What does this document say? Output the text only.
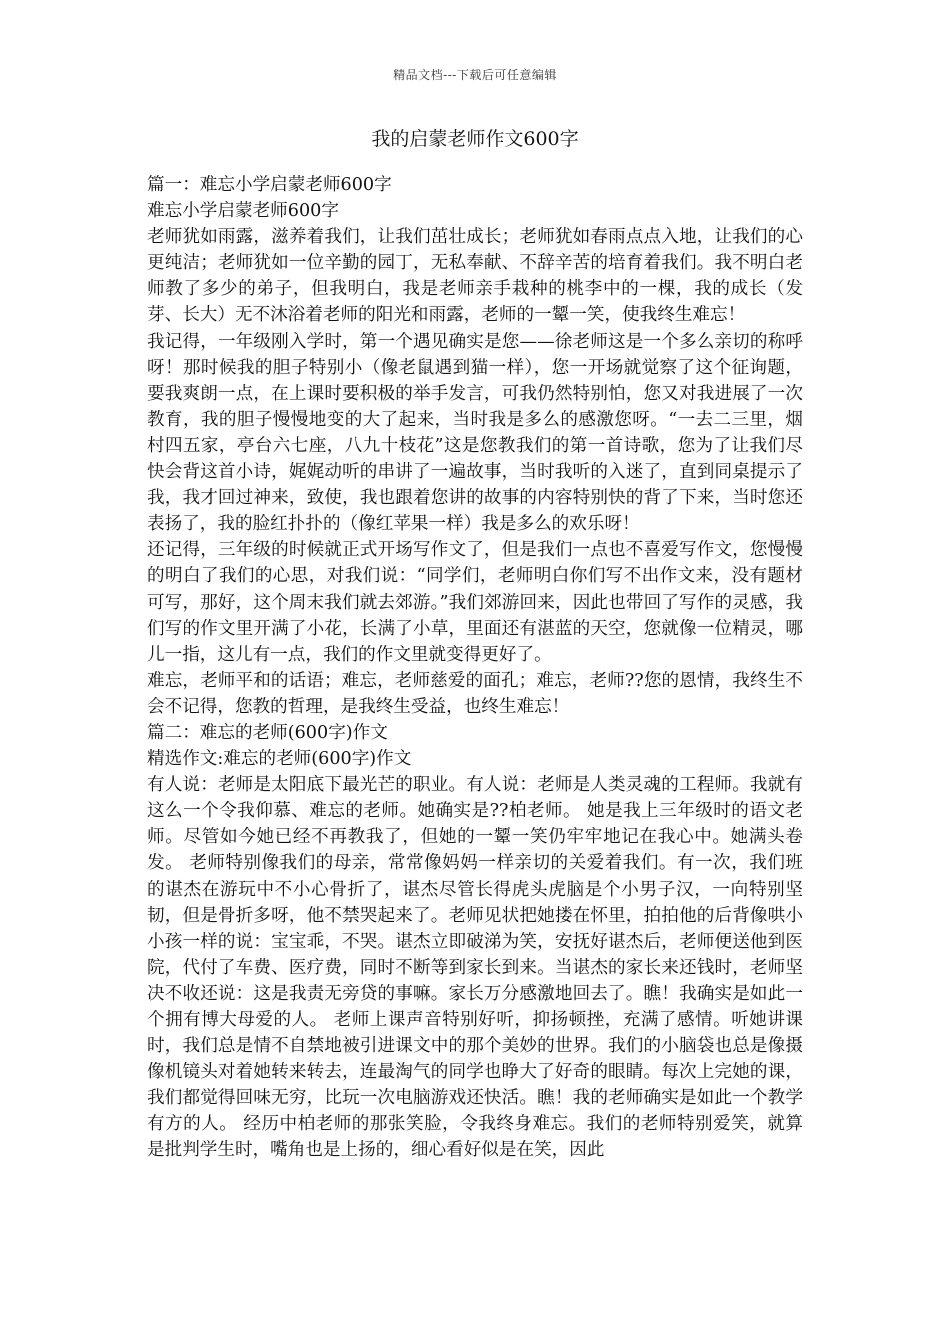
精品文档---下载后可任意编辑
我的启蒙老师作文600字

篇一：难忘小学启蒙老师600字

难忘小学启蒙老师600字

老师犹如雨露，滋养着我们，让我们茁壮成长；老师犹如春雨点点入地，让我们的心更纯洁；老师犹如一位辛勤的园丁，无私奉献、不辞辛苦的培育着我们。我不明白老师教了多少的弟子，但我明白，我是老师亲手栽种的桃李中的一棵，我的成长（发芽、长大）无不沐浴着老师的阳光和雨露，老师的一颦一笑，使我终生难忘！

我记得，一年级刚入学时，第一个遇见确实是您——徐老师这是一个多么亲切的称呼呀！那时候我的胆子特别小（像老鼠遇到猫一样），您一开场就觉察了这个征询题，要我爽朗一点，在上课时要积极的举手发言，可我仍然特别怕，您又对我进展了一次教育，我的胆子慢慢地变的大了起来，当时我是多么的感激您呀。“一去二三里，烟村四五家，亭台六七座，八九十枝花”这是您教我们的第一首诗歌，您为了让我们尽快会背这首小诗，娓娓动听的串讲了一遍故事，当时我听的入迷了，直到同桌提示了我，我才回过神来，致使，我也跟着您讲的故事的内容特别快的背了下来，当时您还表扬了，我的脸红扑扑的（像红苹果一样）我是多么的欢乐呀！

还记得，三年级的时候就正式开场写作文了，但是我们一点也不喜爱写作文，您慢慢的明白了我们的心思，对我们说：“同学们，老师明白你们写不出作文来，没有题材可写，那好，这个周末我们就去郊游。”我们郊游回来，因此也带回了写作的灵感，我们写的作文里开满了小花，长满了小草，里面还有湛蓝的天空，您就像一位精灵，哪儿一指，这儿有一点，我们的作文里就变得更好了。

难忘，老师平和的话语；难忘，老师慈爱的面孔；难忘，老师??您的恩情，我终生不会不记得，您教的哲理，是我终生受益，也终生难忘！

篇二：难忘的老师(600字)作文

精选作文:难忘的老师(600字)作文

有人说：老师是太阳底下最光芒的职业。有人说：老师是人类灵魂的工程师。我就有这么一个令我仰慕、难忘的老师。她确实是??柏老师。 她是我上三年级时的语文老师。尽管如今她已经不再教我了，但她的一颦一笑仍牢牢地记在我心中。她满头卷发。 老师特别像我们的母亲，常常像妈妈一样亲切的关爱着我们。有一次，我们班的谌杰在游玩中不小心骨折了，谌杰尽管长得虎头虎脑是个小男子汉，一向特别坚韧，但是骨折多呀，他不禁哭起来了。老师见状把她搂在怀里，拍拍他的后背像哄小小孩一样的说：宝宝乖，不哭。谌杰立即破涕为笑，安抚好谌杰后，老师便送他到医院，代付了车费、医疗费，同时不断等到家长到来。当谌杰的家长来还钱时，老师坚决不收还说：这是我责无旁贷的事嘛。家长万分感激地回去了。瞧！我确实是如此一个拥有博大母爱的人。 老师上课声音特别好听，抑扬顿挫，充满了感情。听她讲课时，我们总是情不自禁地被引进课文中的那个美妙的世界。我们的小脑袋也总是像摄像机镜头对着她转来转去，连最淘气的同学也睁大了好奇的眼睛。每次上完她的课，我们都觉得回味无穷，比玩一次电脑游戏还快活。瞧！我的老师确实是如此一个教学有方的人。 经历中柏老师的那张笑脸，令我终身难忘。我们的老师特别爱笑，就算是批判学生时，嘴角也是上扬的，细心看好似是在笑，因此
